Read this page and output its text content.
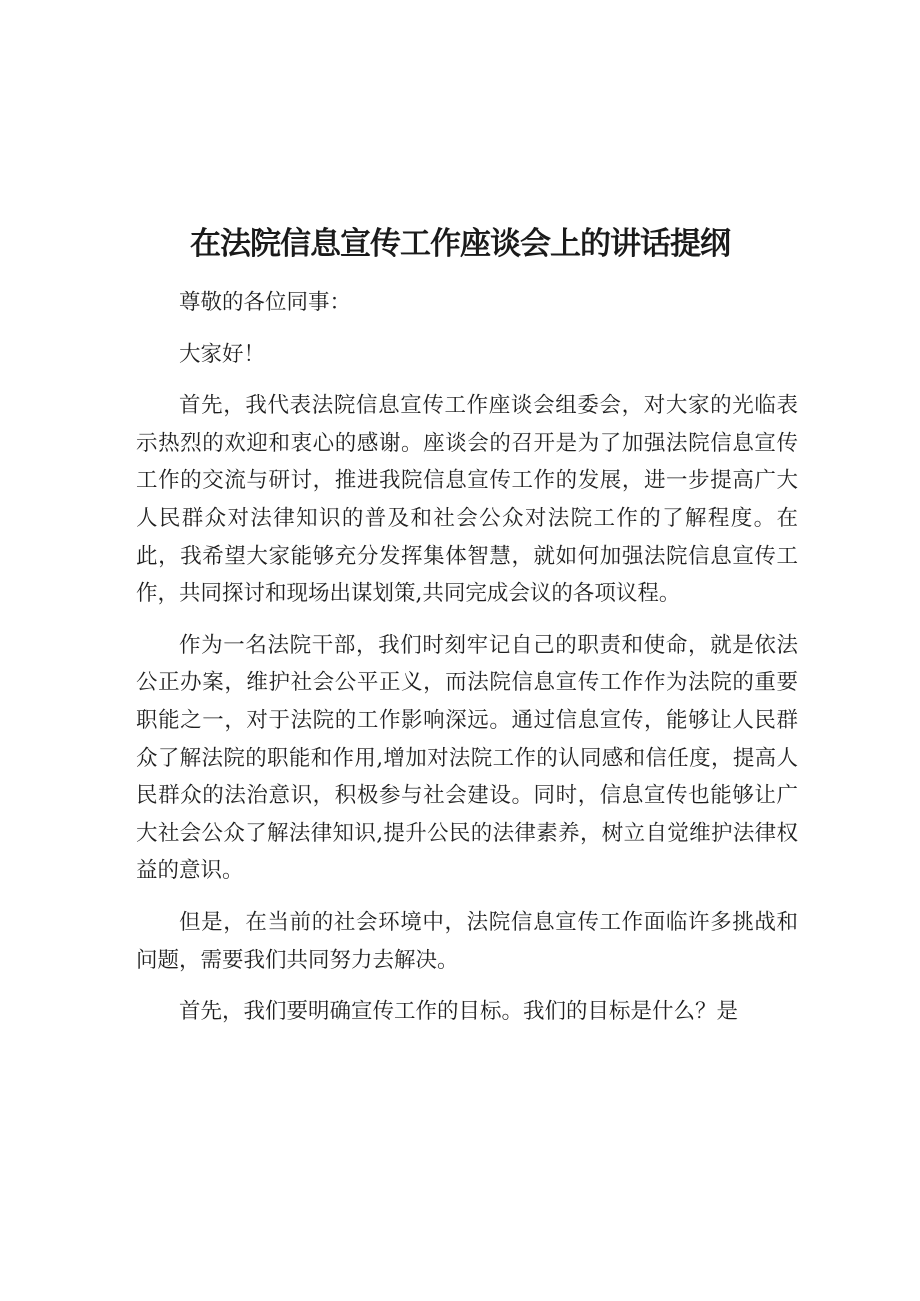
在法院信息宣传工作座谈会上的讲话提纲

尊敬的各位同事：

大家好！

首先，我代表法院信息宣传工作座谈会组委会，对大家的光临表示热烈的欢迎和衷心的感谢。座谈会的召开是为了加强法院信息宣传工作的交流与研讨，推进我院信息宣传工作的发展，进一步提高广大人民群众对法律知识的普及和社会公众对法院工作的了解程度。在此，我希望大家能够充分发挥集体智慧，就如何加强法院信息宣传工作，共同探讨和现场出谋划策,共同完成会议的各项议程。

作为一名法院干部，我们时刻牢记自己的职责和使命，就是依法公正办案，维护社会公平正义，而法院信息宣传工作作为法院的重要职能之一，对于法院的工作影响深远。通过信息宣传，能够让人民群众了解法院的职能和作用,增加对法院工作的认同感和信任度，提高人民群众的法治意识，积极参与社会建设。同时，信息宣传也能够让广大社会公众了解法律知识,提升公民的法律素养，树立自觉维护法律权益的意识。

但是，在当前的社会环境中，法院信息宣传工作面临许多挑战和问题，需要我们共同努力去解决。

首先，我们要明确宣传工作的目标。我们的目标是什么？是
